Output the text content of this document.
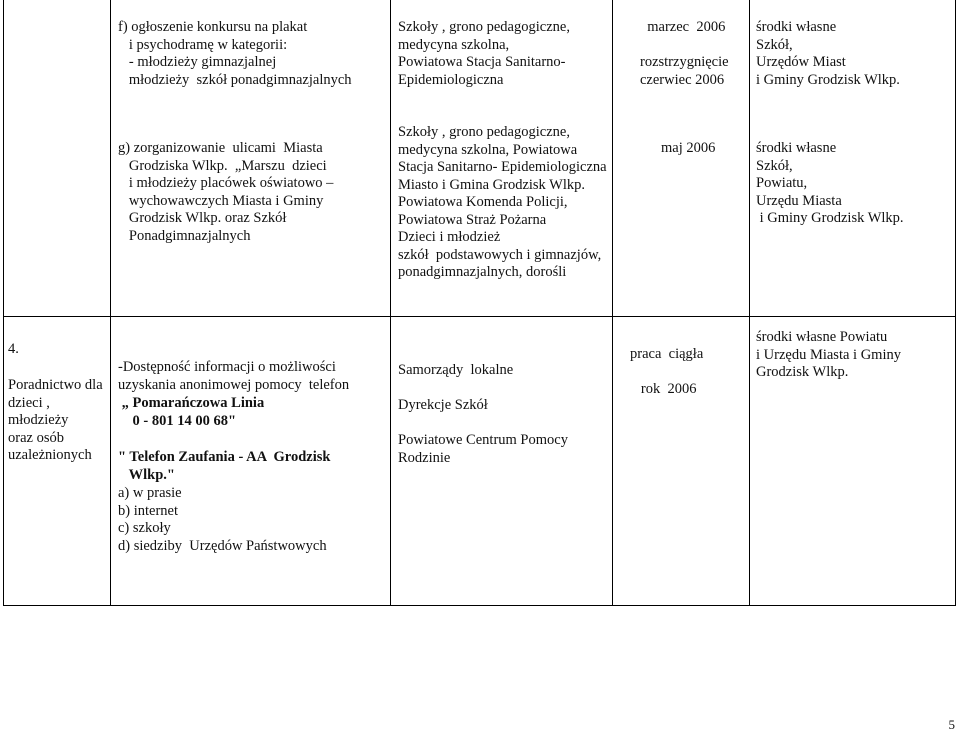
f) ogłoszenie konkursu na plakat
i psychodramę w kategorii:
- młodzieży gimnazjalnej
młodzieży  szkół ponadgimnazjalnych
Szkoły , grono pedagogiczne,
medycyna szkolna,
Powiatowa Stacja Sanitarno-
Epidemiologiczna
marzec  2006

rozstrzygnięcie
czerwiec 2006
środki własne
Szkół,
Urzędów Miast
i Gminy Grodzisk Wlkp.
g) zorganizowanie  ulicami  Miasta
Grodziska Wlkp.  „Marszu  dzieci
i młodzieży placówek oświatowo –
wychowawczych Miasta i Gminy
Grodzisk Wlkp. oraz Szkół
Ponadgimnazjalnych
Szkoły , grono pedagogiczne,
medycyna szkolna, Powiatowa
Stacja Sanitarno- Epidemiologiczna
Miasto i Gmina Grodzisk Wlkp.
Powiatowa Komenda Policji,
Powiatowa Straż Pożarna
Dzieci i młodzież
szkół  podstawowych i gimnazjów,
ponadgimnazjalnych, dorośli
maj 2006	środki własne
Szkół,
Powiatu,
Urzędu Miasta
i Gminy Grodzisk Wlkp.
4.
Poradnictwo dla
dzieci ,
młodzieży
oraz osób
uzależnionych
-Dostępność informacji o możliwości
uzyskania anonimowej pomocy  telefon
„ Pomarańczowa Linia
0 - 801 14 00 68"
" Telefon Zaufania - AA  Grodzisk
Wlkp."
a) w prasie
b) internet
c) szkoły
d) siedziby  Urzędów Państwowych
Samorządy  lokalne

Dyrekcje Szkół

Powiatowe Centrum Pomocy
Rodzinie
praca  ciągła

rok  2006
środki własne Powiatu
i Urzędu Miasta i Gminy
Grodzisk Wlkp.
5
